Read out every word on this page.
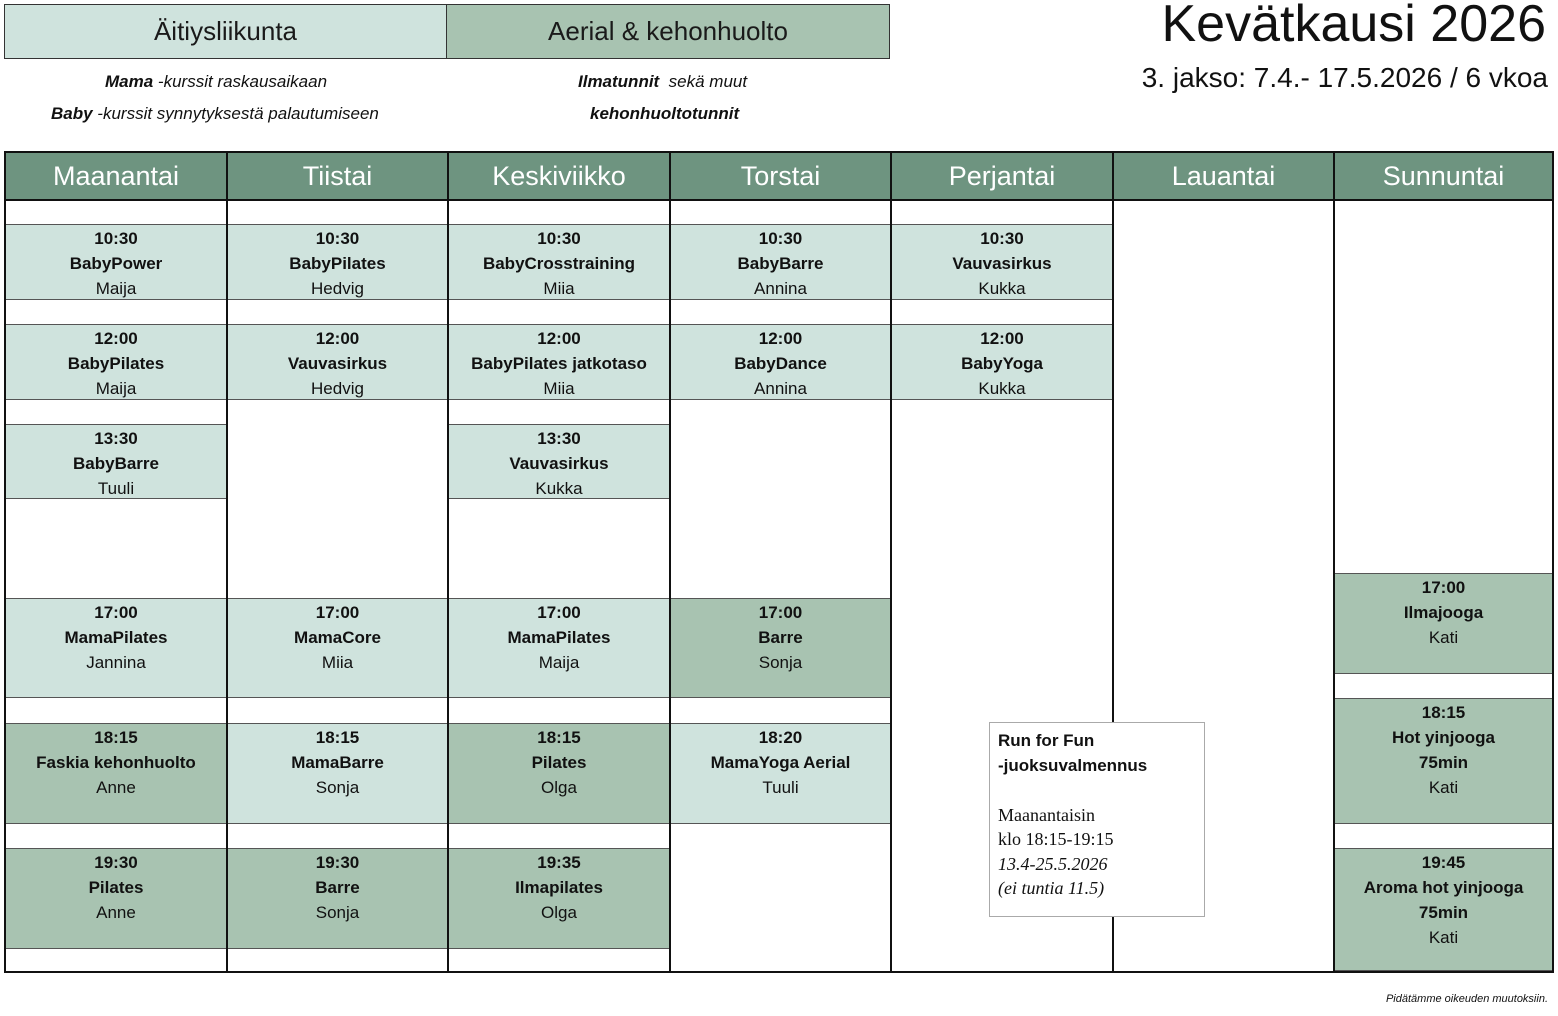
Äitiysliikunta	Aerial & kehonhuolto
Mama -kurssit raskausaikaan
Baby -kurssit synnytyksestä palautumiseen
Ilmatunnit  sekä muut
kehonhuoltotunnit
Kevätkausi 2026
3. jakso: 7.4.- 17.5.2026 / 6 vkoa
Maanantai
10:30
BabyPower
Maija
12:00
BabyPilates
Maija
13:30
BabyBarre
Tuuli
17:00
MamaPilates
Jannina
18:15
Faskia kehonhuolto
Anne
19:30
Pilates
Anne
Tiistai
10:30
BabyPilates
Hedvig
12:00
Vauvasirkus
Hedvig
17:00
MamaCore
Miia
18:15
MamaBarre
Sonja
19:30
Barre
Sonja
Keskiviikko
10:30
BabyCrosstraining
Miia
12:00
BabyPilates jatkotaso
Miia
13:30
Vauvasirkus
Kukka
17:00
MamaPilates
Maija
18:15
Pilates
Olga
19:35
Ilmapilates
Olga
Torstai
10:30
BabyBarre
Annina
12:00
BabyDance
Annina
17:00
Barre
Sonja
18:20
MamaYoga Aerial
Tuuli
Perjantai
10:30
Vauvasirkus
Kukka
12:00
BabyYoga
Kukka
Lauantai	Sunnuntai
17:00
Ilmajooga
Kati
18:15
Hot yinjooga
75min
Kati
19:45
Aroma hot yinjooga
75min
Kati
Run for Fun
-juoksuvalmennus
Maanantaisin
klo 18:15-19:15
13.4-25.5.2026
(ei tuntia 11.5)
Pidätämme oikeuden muutoksiin.
